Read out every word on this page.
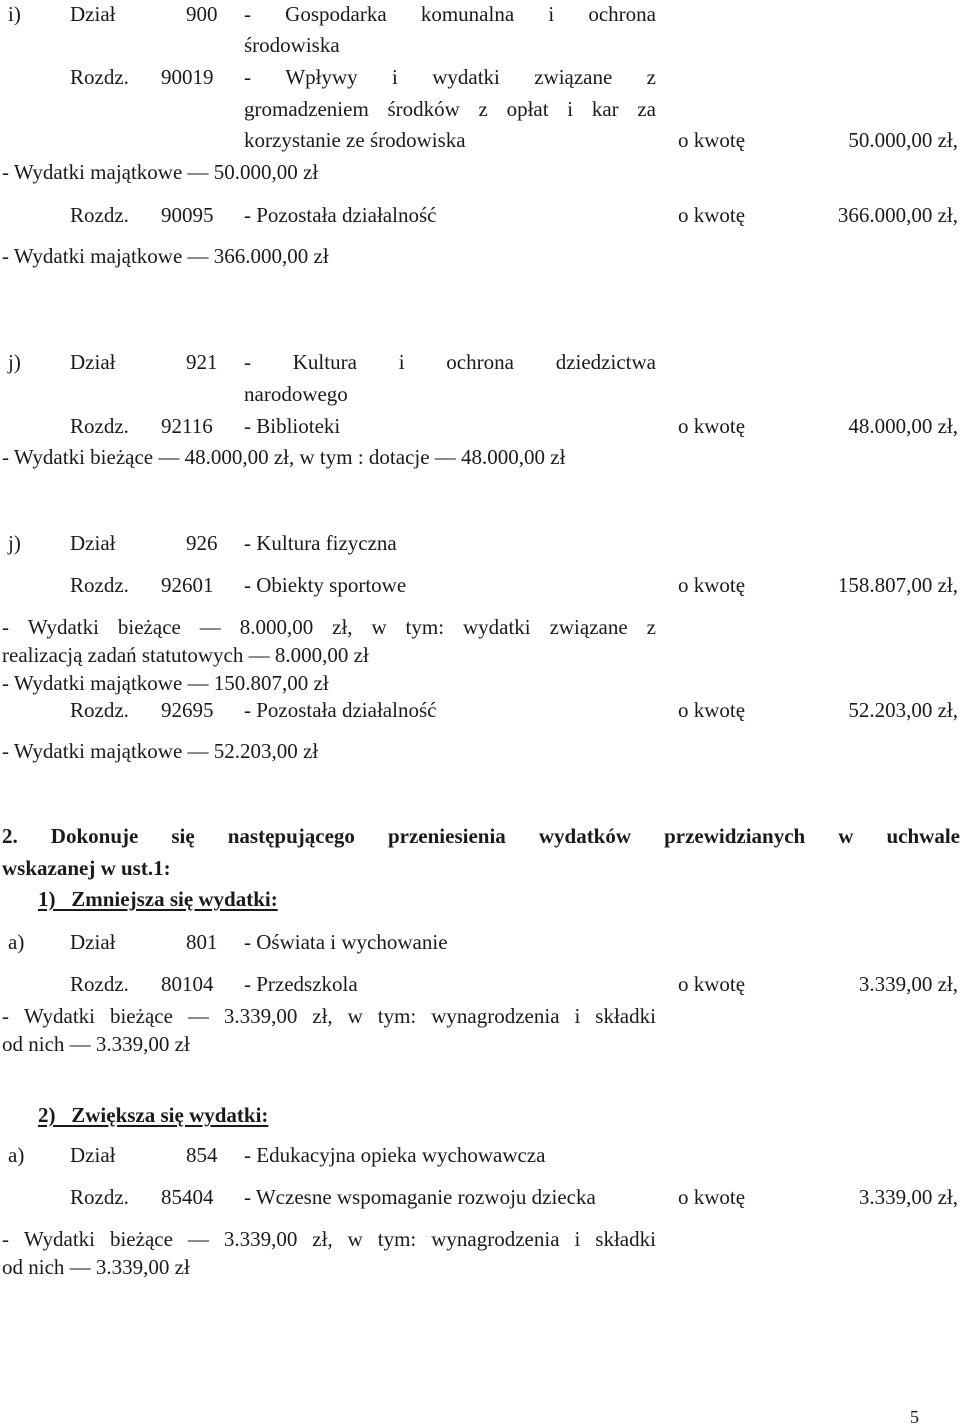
i) Dział	900 - Gospodarka komunalna i ochrona
środowiska
Rozdz. 90019 - Wpływy i wydatki związane z
gromadzeniem środków z opłat i kar za
korzystanie ze środowiska	o kwotę	50.000,00 zł,
- Wydatki majątkowe — 50.000,00 zł
Rozdz. 90095 - Pozostała działalność	o kwotę	366.000,00 zł,
- Wydatki majątkowe — 366.000,00 zł
j) Dział	921 - Kultura i ochrona dziedzictwa
narodowego
Rozdz. 92116 - Biblioteki	o kwotę	48.000,00 zł,
- Wydatki bieżące — 48.000,00 zł, w tym : dotacje — 48.000,00 zł
j) Dział	926 - Kultura fizyczna
Rozdz. 92601 - Obiekty sportowe	o kwotę	158.807,00 zł,
- Wydatki bieżące — 8.000,00 zł, w tym: wydatki związane z
realizacją zadań statutowych — 8.000,00 zł
- Wydatki majątkowe — 150.807,00 zł
Rozdz. 92695 - Pozostała działalność	o kwotę	52.203,00 zł,
- Wydatki majątkowe — 52.203,00 zł
2. Dokonuje się następującego przeniesienia wydatków przewidzianych w uchwale
wskazanej w ust.1:
1)   Zmniejsza się wydatki:
a) Dział	801 - Oświata i wychowanie
Rozdz. 80104 - Przedszkola	o kwotę	3.339,00 zł,
- Wydatki bieżące — 3.339,00 zł, w tym: wynagrodzenia i składki
od nich — 3.339,00 zł
2)   Zwiększa się wydatki:
a) Dział	854 - Edukacyjna opieka wychowawcza
Rozdz. 85404 - Wczesne wspomaganie rozwoju dziecka	o kwotę	3.339,00 zł,
- Wydatki bieżące — 3.339,00 zł, w tym: wynagrodzenia i składki
od nich — 3.339,00 zł
5
